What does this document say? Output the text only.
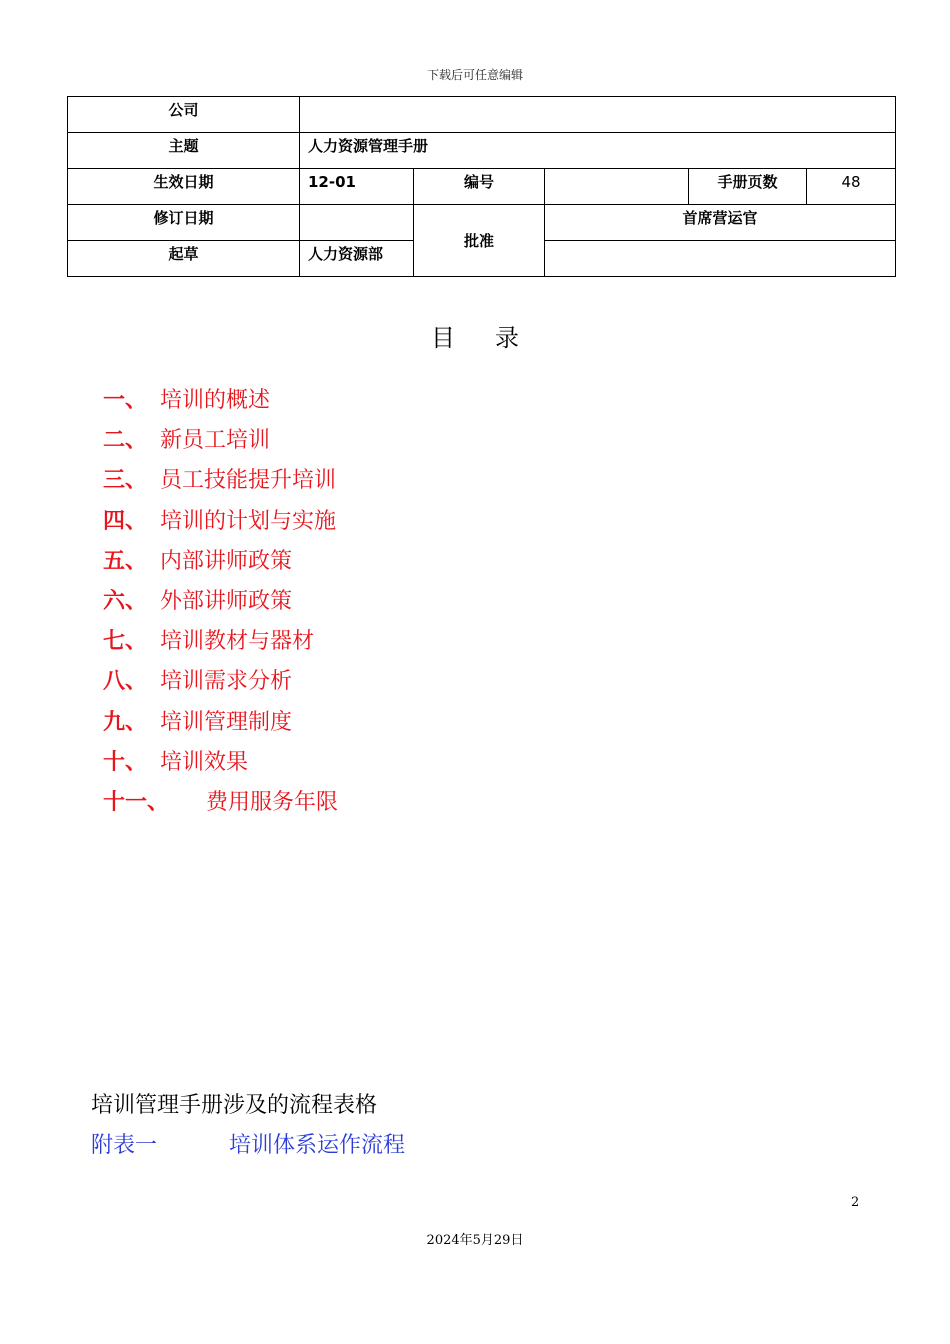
下载后可任意编辑
公司					
主题	人力资源管理手册				
生效日期	12-01	编号		手册页数	48
修订日期		批准	首席营运官		
起草	人力资源部				
目录
一、 培训的概述
二、 新员工培训
三、 员工技能提升培训
四、 培训的计划与实施
五、 内部讲师政策
六、 外部讲师政策
七、 培训教材与器材
八、 培训需求分析
九、 培训管理制度
十、 培训效果
十一、 费用服务年限
培训管理手册涉及的流程表格
附表一	培训体系运作流程
2
2024年5月29日
